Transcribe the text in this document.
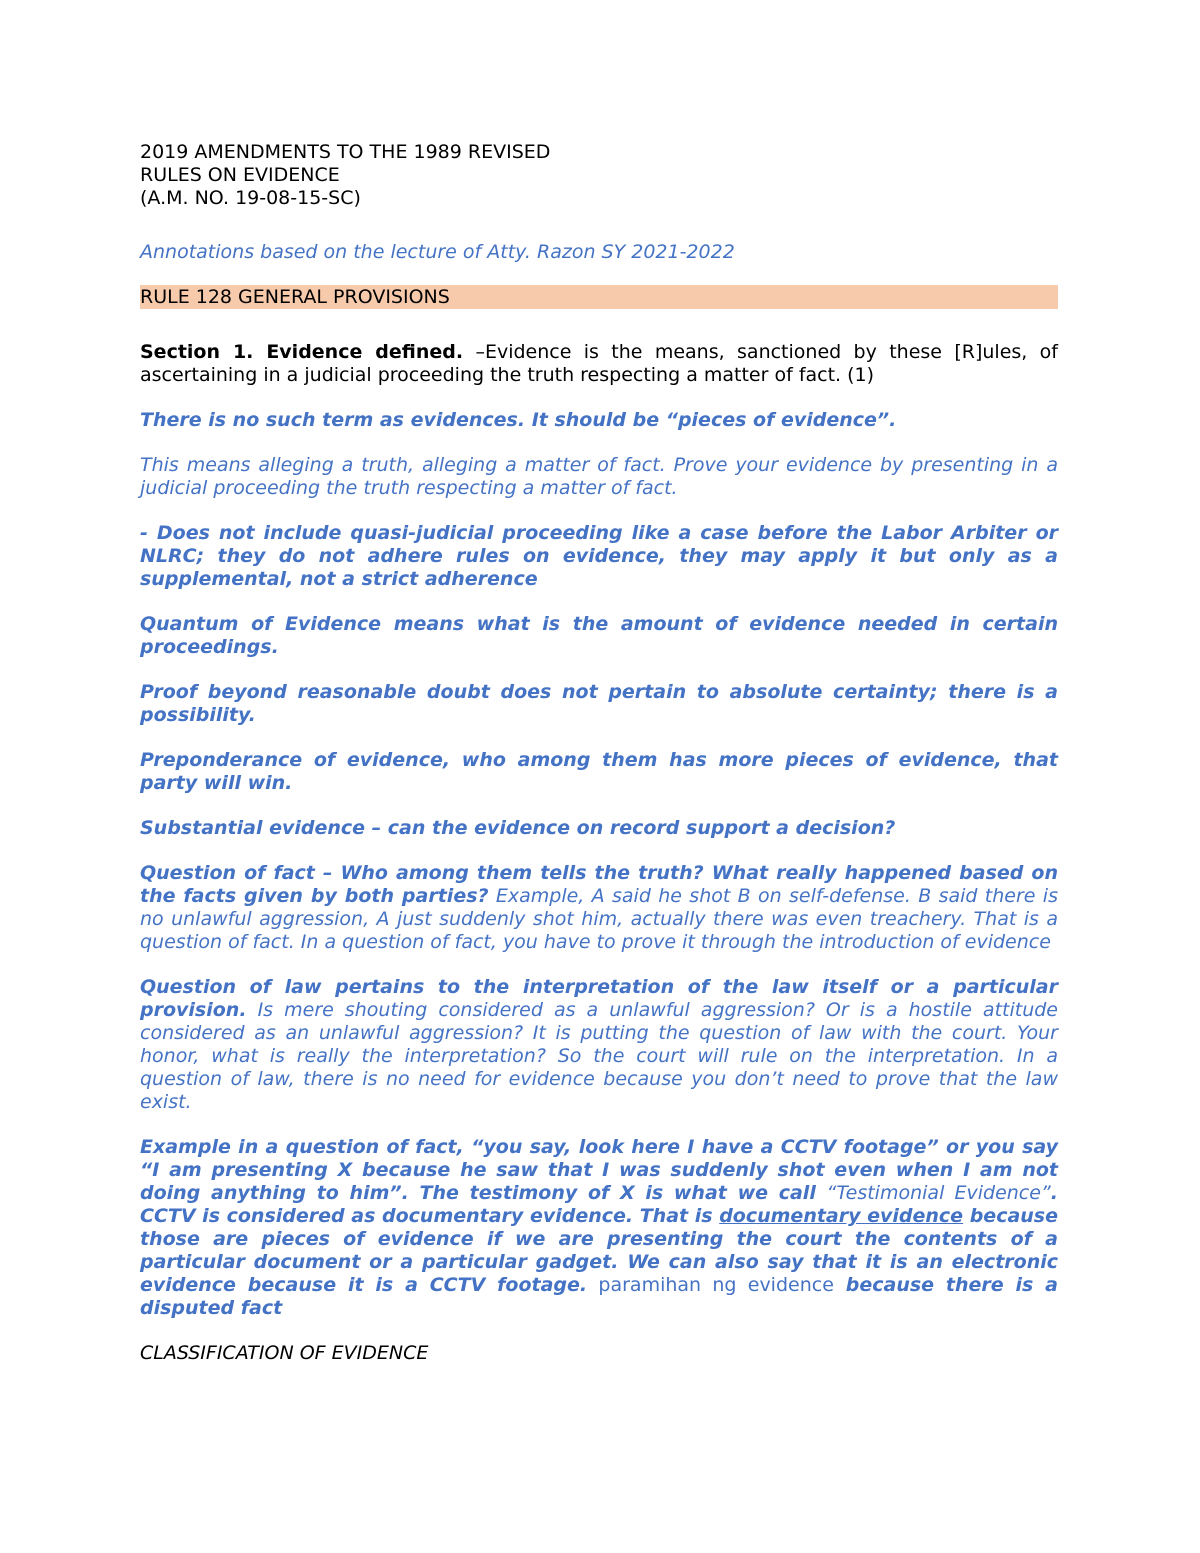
2019 AMENDMENTS TO THE 1989 REVISED

RULES ON EVIDENCE

(A.M. NO. 19-08-15-SC)

Annotations based on the lecture of Atty. Razon SY 2021-2022

RULE 128 GENERAL PROVISIONS

Section 1. Evidence defined. –Evidence is the means, sanctioned by these [R]ules, of ascertaining in a judicial proceeding the truth respecting a matter of fact. (1)

There is no such term as evidences. It should be “pieces of evidence”.

This means alleging a truth, alleging a matter of fact. Prove your evidence by presenting in a judicial proceeding the truth respecting a matter of fact.

- Does not include quasi-judicial proceeding like a case before the Labor Arbiter or NLRC; they do not adhere rules on evidence, they may apply it but only as a supplemental, not a strict adherence

Quantum of Evidence means what is the amount of evidence needed in certain proceedings.

Proof beyond reasonable doubt does not pertain to absolute certainty; there is a possibility.

Preponderance of evidence, who among them has more pieces of evidence, that party will win.

Substantial evidence – can the evidence on record support a decision?

Question of fact – Who among them tells the truth? What really happened based on the facts given by both parties? Example, A said he shot B on self-defense. B said there is no unlawful aggression, A just suddenly shot him, actually there was even treachery. That is a question of fact. In a question of fact, you have to prove it through the introduction of evidence

Question of law pertains to the interpretation of the law itself or a particular provision. Is mere shouting considered as a unlawful aggression? Or is a hostile attitude considered as an unlawful aggression? It is putting the question of law with the court. Your honor, what is really the interpretation? So the court will rule on the interpretation. In a question of law, there is no need for evidence because you don’t need to prove that the law exist.

Example in a question of fact, “you say, look here I have a CCTV footage” or you say “I am presenting X because he saw that I was suddenly shot even when I am not doing anything to him”. The testimony of X is what we call “Testimonial Evidence”. CCTV is considered as documentary evidence. That is documentary evidence because those are pieces of evidence if we are presenting the court the contents of a particular document or a particular gadget. We can also say that it is an electronic evidence because it is a CCTV footage. paramihan ng evidence because there is a disputed fact

CLASSIFICATION OF EVIDENCE
